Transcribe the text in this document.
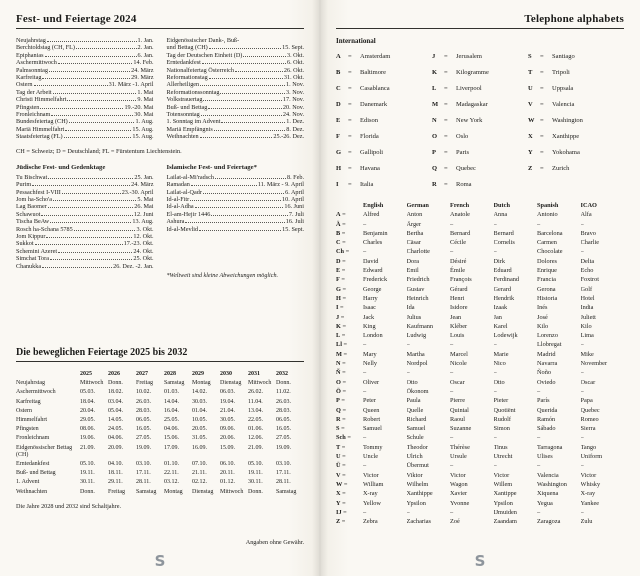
Fest- und Feiertage 2024
Neujahrstag	1. Jan.
Berchtoldstag (CH, FL)	2. Jan.
Epiphanias	6. Jan.
Aschermittwoch	14. Feb.
Palmsonntag	24. März
Karfreitag	29. März
Ostern	31. März -1. April
Tag der Arbeit	1. Mai
Christi Himmelfahrt	9. Mai
Pfingsten	19.-20. Mai
Fronleichnam	30. Mai
Bundesfeiertag (CH)	1. Aug.
Mariä Himmelfahrt	15. Aug.
Staatsfeiertag (FL)	15. Aug.
Eidgenössischer Dank-, Buß-
und Bettag (CH)	15. Sept.
Tag der Deutschen Einheit (D)	3. Okt.
Erntedankfest	6. Okt.
Nationalfeiertag Österreich	26. Okt.
Reformationstag	31. Okt.
Allerheiligen	1. Nov.
Reformationssonntag	3. Nov.
Volkstrauertag	17. Nov.
Buß- und Bettag	20. Nov.
Totensonntag	24. Nov.
1. Sonntag im Advent	1. Dez.
Mariä Empfängnis	8. Dez.
Weihnachten	25.-26. Dez.
CH = Schweiz; D = Deutschland; FL = Fürstentum Liechtenstein.
Jüdische Fest- und Gedenktage
Tu Bischwat	25. Jan.
Purim	24. März
Pessachfest I-VIII	23.-30. April
Jom ha-Scho'a	5. Mai
Lag Baomer	26. Mai
Schawuot	12. Juni
Tischa BeAw	13. Aug.
Rosch ha-Schana 5785	3. Okt.
Jom Kippur	12. Okt.
Sukkot	17.-23. Okt.
Schemini Azeret	24. Okt.
Simchat Tora	25. Okt.
Chanukka	26. Dez. -2. Jan.
Islamische Fest- und Feiertage*
Lailat-al-Mi'radsch	8. Feb.
Ramadan	11. März - 9. April
Lailat-al-Qadr	6. April
Id-al-Fitr	10. April
Id-al-Adha	16. Juni
El-am-Hejir 1446	7. Juli
Ashura	16. Juli
Id-al-Mevlid	15. Sept.
*Weltweit sind kleine Abweichungen möglich.
Die beweglichen Feiertage 2025 bis 2032
	2025	2026	2027	2028	2029	2030	2031	2032
Neujahrstag	Mittwoch	Donn.	Freitag	Samstag	Montag	Dienstag	Mittwoch	Donn.
Aschermittwoch	05.03.	18.02.	10.02.	01.03.	14.02.	06.03.	26.02.	11.02.
Karfreitag	18.04.	03.04.	26.03.	14.04.	30.03.	19.04.	11.04.	26.03.
Ostern	20.04.	05.04.	28.03.	16.04.	01.04.	21.04.	13.04.	28.03.
Himmelfahrt	29.05.	14.05.	06.05.	25.05.	10.05.	30.05.	22.05.	06.05.
Pfingsten	08.06.	24.05.	16.05.	04.06.	20.05.	09.06.	01.06.	16.05.
Fronleichnam	19.06.	04.06.	27.05.	15.06.	31.05.	20.06.	12.06.	27.05.
Eidgenössischer Bettag (CH)	21.09.	20.09.	19.09.	17.09.	16.09.	15.09.	21.09.	19.09.
Erntedankfest	05.10.	04.10.	03.10.	01.10.	07.10.	06.10.	05.10.	03.10.
Buß- und Bettag	19.11.	18.11.	17.11.	22.11.	21.11.	20.11.	19.11.	17.11.
1. Advent	30.11.	29.11.	28.11.	03.12.	02.12.	01.12.	30.11.	28.11.
Weihnachten	Donn.	Freitag	Samstag	Montag	Dienstag	Mittwoch	Donn.	Samstag
Die Jahre 2028 und 2032 sind Schaltjahre.
Angaben ohne Gewähr.
S
Telephone alphabets
International
A = Amsterdam
B = Baltimore
C = Casablanca
D = Danemark
E = Edison
F = Florida
G = Gallipoli
H = Havana
I = Italia
J = Jerusalem
K = Kilogramme
L = Liverpool
M = Madagaskar
N = New York
O = Oslo
P = Paris
Q = Quebec
R = Roma
S = Santiago
T = Tripoli
U = Uppsala
V = Valencia
W = Washington
X = Xanthippe
Y = Yokohama
Z = Zurich
	English	German	French	Dutch	Spanish	ICAO
A =	Alfred	Anton	Anatole	Anna	Antonio	Alfa
Ä =	–	Ärger	–	–	–	–
B =	Benjamin	Bertha	Bernard	Bernard	Barcelona	Bravo
C =	Charles	Cäsar	Cécile	Cornelis	Carmen	Charlie
Ch =	–	Charlotte	–	–	Chocolate	–
D =	David	Dora	Désiré	Dirk	Dolores	Delta
E =	Edward	Emil	Émile	Eduard	Enrique	Echo
F =	Frederick	Friedrich	François	Ferdinand	Francia	Foxtrot
G =	George	Gustav	Gérard	Gerard	Gerona	Golf
H =	Harry	Heinrich	Henri	Hendrik	Historia	Hotel
I =	Isaac	Ida	Isidore	Izaak	Inés	India
J =	Jack	Julius	Jean	Jan	José	Juliett
K =	King	Kaufmann	Kléber	Karel	Kilo	Kilo
L =	London	Ludwig	Louis	Lodewijk	Lorenzo	Lima
Ll =	–	–	–	–	Llobregat	–
M =	Mary	Martha	Marcel	Marie	Madrid	Mike
N =	Nelly	Nordpol	Nicole	Nico	Navarra	November
Ñ =	–	–	–	–	Ñoño	–
O =	Oliver	Otto	Oscar	Otto	Oviedo	Oscar
Ö =	–	Ökonom	–	–	–	–
P =	Peter	Paula	Pierre	Pieter	París	Papa
Q =	Queen	Quelle	Quintal	Quotiënt	Querida	Quebec
R =	Robert	Richard	Raoul	Rudolf	Ramón	Romeo
S =	Samuel	Samuel	Suzanne	Simon	Sábado	Sierra
Sch =	–	Schule	–	–	–	–
T =	Tommy	Theodor	Thérèse	Tinus	Tarragona	Tango
U =	Uncle	Ulrich	Ursule	Utrecht	Ulises	Uniform
Ü =	–	Übermut	–	–	–	–
V =	Victor	Viktor	Victor	Victor	Valencia	Victor
W =	William	Wilhelm	Wagon	Willem	Washington	Whisky
X =	X-ray	Xanthippe	Xavier	Xantippe	Xiquena	X-ray
Y =	Yellow	Ypsilon	Yvonne	Ypsilon	Yegua	Yankee
IJ =	–	–	–	IJmuiden	–	–
Z =	Zebra	Zacharias	Zoé	Zaandam	Zaragoza	Zulu
S
